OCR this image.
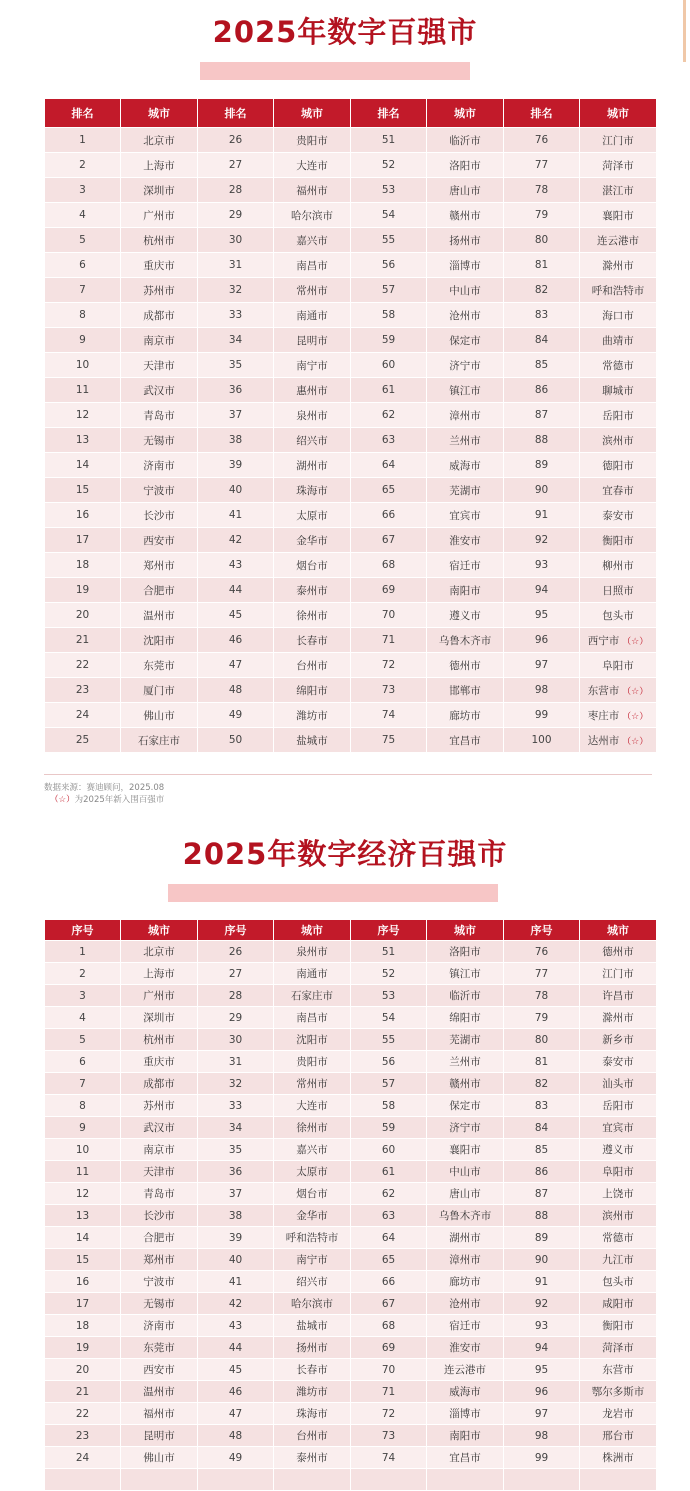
2025年数字百强市
排名	城市	排名	城市	排名	城市	排名	城市
1	北京市	26	贵阳市	51	临沂市	76	江门市
2	上海市	27	大连市	52	洛阳市	77	菏泽市
3	深圳市	28	福州市	53	唐山市	78	湛江市
4	广州市	29	哈尔滨市	54	赣州市	79	襄阳市
5	杭州市	30	嘉兴市	55	扬州市	80	连云港市
6	重庆市	31	南昌市	56	淄博市	81	滁州市
7	苏州市	32	常州市	57	中山市	82	呼和浩特市
8	成都市	33	南通市	58	沧州市	83	海口市
9	南京市	34	昆明市	59	保定市	84	曲靖市
10	天津市	35	南宁市	60	济宁市	85	常德市
11	武汉市	36	惠州市	61	镇江市	86	聊城市
12	青岛市	37	泉州市	62	漳州市	87	岳阳市
13	无锡市	38	绍兴市	63	兰州市	88	滨州市
14	济南市	39	湖州市	64	威海市	89	德阳市
15	宁波市	40	珠海市	65	芜湖市	90	宜春市
16	长沙市	41	太原市	66	宜宾市	91	泰安市
17	西安市	42	金华市	67	淮安市	92	衡阳市
18	郑州市	43	烟台市	68	宿迁市	93	柳州市
19	合肥市	44	泰州市	69	南阳市	94	日照市
20	温州市	45	徐州市	70	遵义市	95	包头市
21	沈阳市	46	长春市	71	乌鲁木齐市	96	西宁市 （☆）
22	东莞市	47	台州市	72	德州市	97	阜阳市
23	厦门市	48	绵阳市	73	邯郸市	98	东营市 （☆）
24	佛山市	49	潍坊市	74	廊坊市	99	枣庄市 （☆）
25	石家庄市	50	盐城市	75	宜昌市	100	达州市 （☆）
数据来源：赛迪顾问，2025.08
（☆）为2025年新入围百强市
2025年数字经济百强市
序号	城市	序号	城市	序号	城市	序号	城市
1	北京市	26	泉州市	51	洛阳市	76	德州市
2	上海市	27	南通市	52	镇江市	77	江门市
3	广州市	28	石家庄市	53	临沂市	78	许昌市
4	深圳市	29	南昌市	54	绵阳市	79	滁州市
5	杭州市	30	沈阳市	55	芜湖市	80	新乡市
6	重庆市	31	贵阳市	56	兰州市	81	泰安市
7	成都市	32	常州市	57	赣州市	82	汕头市
8	苏州市	33	大连市	58	保定市	83	岳阳市
9	武汉市	34	徐州市	59	济宁市	84	宜宾市
10	南京市	35	嘉兴市	60	襄阳市	85	遵义市
11	天津市	36	太原市	61	中山市	86	阜阳市
12	青岛市	37	烟台市	62	唐山市	87	上饶市
13	长沙市	38	金华市	63	乌鲁木齐市	88	滨州市
14	合肥市	39	呼和浩特市	64	湖州市	89	常德市
15	郑州市	40	南宁市	65	漳州市	90	九江市
16	宁波市	41	绍兴市	66	廊坊市	91	包头市
17	无锡市	42	哈尔滨市	67	沧州市	92	咸阳市
18	济南市	43	盐城市	68	宿迁市	93	衡阳市
19	东莞市	44	扬州市	69	淮安市	94	菏泽市
20	西安市	45	长春市	70	连云港市	95	东营市
21	温州市	46	潍坊市	71	威海市	96	鄂尔多斯市
22	福州市	47	珠海市	72	淄博市	97	龙岩市
23	昆明市	48	台州市	73	南阳市	98	邢台市
24	佛山市	49	泰州市	74	宜昌市	99	株洲市
